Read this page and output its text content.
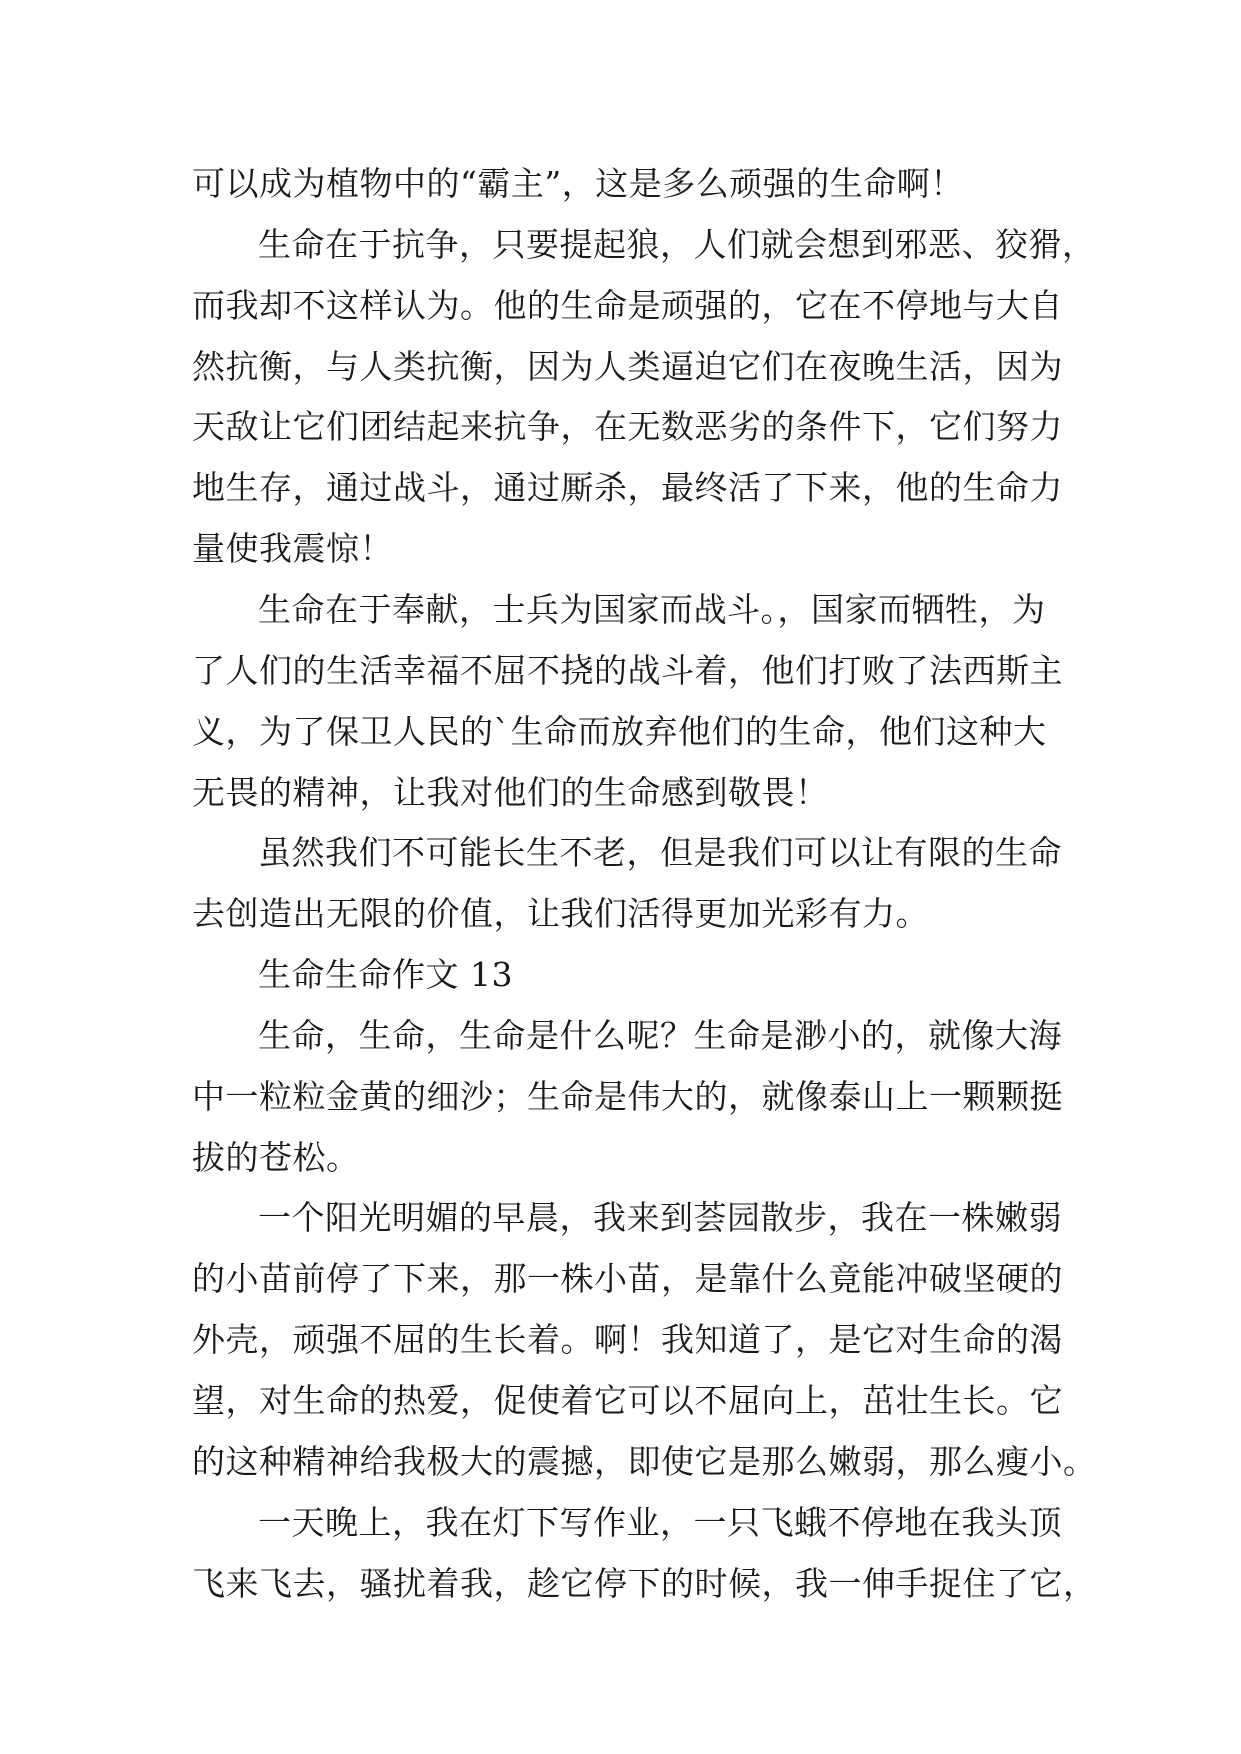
可以成为植物中的“霸主”，这是多么顽强的生命啊！
生命在于抗争，只要提起狼，人们就会想到邪恶、狡猾，
而我却不这样认为。他的生命是顽强的，它在不停地与大自
然抗衡，与人类抗衡，因为人类逼迫它们在夜晚生活，因为
天敌让它们团结起来抗争，在无数恶劣的条件下，它们努力
地生存，通过战斗，通过厮杀，最终活了下来，他的生命力
量使我震惊！
生命在于奉献，士兵为国家而战斗。，国家而牺牲，为
了人们的生活幸福不屈不挠的战斗着，他们打败了法西斯主
义，为了保卫人民的`生命而放弃他们的生命，他们这种大
无畏的精神，让我对他们的生命感到敬畏！
虽然我们不可能长生不老，但是我们可以让有限的生命
去创造出无限的价值，让我们活得更加光彩有力。
生命生命作文 13
生命，生命，生命是什么呢？生命是渺小的，就像大海
中一粒粒金黄的细沙；生命是伟大的，就像泰山上一颗颗挺
拔的苍松。
一个阳光明媚的早晨，我来到荟园散步，我在一株嫩弱
的小苗前停了下来，那一株小苗，是靠什么竟能冲破坚硬的
外壳，顽强不屈的生长着。啊！我知道了，是它对生命的渴
望，对生命的热爱，促使着它可以不屈向上，茁壮生长。它
的这种精神给我极大的震撼，即使它是那么嫩弱，那么瘦小。
一天晚上，我在灯下写作业，一只飞蛾不停地在我头顶
飞来飞去，骚扰着我，趁它停下的时候，我一伸手捉住了它，
